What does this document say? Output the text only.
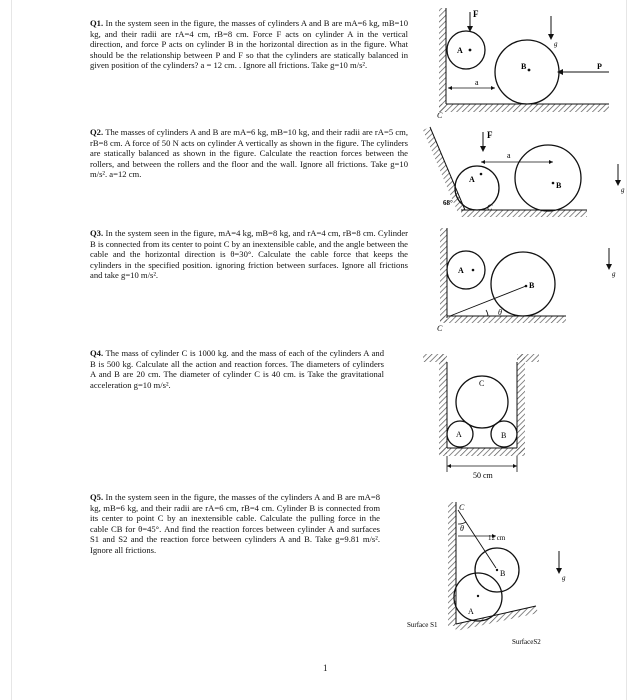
Q1. In the system seen in the figure, the masses of cylinders A and B are mA=6 kg, mB=10 kg, and their radii are rA=4 cm, rB=8 cm. Force F acts on cylinder A in the vertical direction, and force P acts on cylinder B in the horizontal direction as in the figure. What should be the relationship between P and F so that the cylinders are statically balanced in given position of the cylinders? a = 12 cm. . Ignore all frictions. Take g=10 m/s².
Q2. The masses of cylinders A and B are mA=6 kg, mB=10 kg, and their radii are rA=5 cm, rB=8 cm. A force of 50 N acts on cylinder A vertically as shown in the figure. The cylinders are statically balanced as shown in the figure. Calculate the reaction forces between the rollers, and between the rollers and the floor and the wall. Ignore all frictions. Take g=10 m/s². a=12 cm.
Q3. In the system seen in the figure, mA=4 kg, mB=8 kg, and rA=4 cm, rB=8 cm. Cylinder B is connected from its center to point C by an inextensible cable, and the angle between the cable and the horizontal direction is θ=30°. Calculate the cable force that keeps the cylinders in the specified position. ignoring friction between surfaces. Ignore all frictions and take g=10 m/s².
Q4. The mass of cylinder C is 1000 kg. and the mass of each of the cylinders A and B is 500 kg. Calculate all the action and reaction forces. The diameters of cylinders A and B are 20 cm. The diameter of cylinder C is 40 cm. is Take the gravitational acceleration g=10 m/s².
Q5. In the system seen in the figure, the masses of the cylinders A and B are mA=8 kg, mB=6 kg, and their radii are rA=6 cm, rB=4 cm. Cylinder B is connected from its center to point C by an inextensible cable. Calculate the pulling force in the cable CB for θ=45°. And find the reaction forces between cylinder A and surfaces S1 and S2 and the reaction force between cylinders A and B. Take g=9.81 m/s². Ignore all frictions.
F
A
B	P
a
C
g
F
a
A
B
68°	C
g
A
B
C
θ
g
C
A	B
50 cm
C
θ
12 cm
B
A
Surface S1
SurfaceS2
g
1
